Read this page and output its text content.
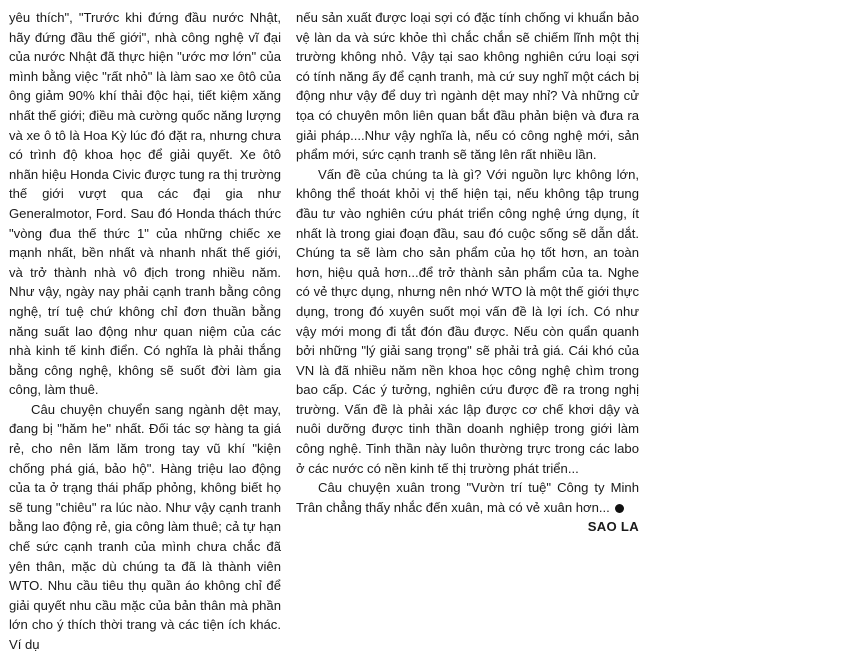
yêu thích", "Trước khi đứng đầu nước Nhật, hãy đứng đầu thế giới", nhà công nghệ vĩ đại của nước Nhật đã thực hiện "ước mơ lớn" của mình bằng việc "rất nhỏ" là làm sao xe ôtô của ông giảm 90% khí thải độc hại, tiết kiệm xăng nhất thế giới; điều mà cường quốc năng lượng và xe ô tô là Hoa Kỳ lúc đó đặt ra, nhưng chưa có trình độ khoa học để giải quyết. Xe ôtô nhãn hiệu Honda Civic được tung ra thị trường thế giới vượt qua các đại gia như Generalmotor, Ford. Sau đó Honda thách thức "vòng đua thế thức 1" của những chiếc xe mạnh nhất, bền nhất và nhanh nhất thế giới, và trở thành nhà vô địch trong nhiều năm. Như vậy, ngày nay phải cạnh tranh bằng công nghệ, trí tuệ chứ không chỉ đơn thuần bằng năng suất lao động như quan niệm của các nhà kinh tế kinh điển. Có nghĩa là phải thắng bằng công nghệ, không sẽ suốt đời làm gia công, làm thuê.

Câu chuyện chuyển sang ngành dệt may, đang bị "hăm he" nhất. Đối tác sợ hàng ta giá rẻ, cho nên lăm lăm trong tay vũ khí "kiện chống phá giá, bảo hộ". Hàng triệu lao động của ta ở trạng thái phấp phỏng, không biết họ sẽ tung "chiêu" ra lúc nào. Như vậy cạnh tranh bằng lao động rẻ, gia công làm thuê; cả tự hạn chế sức cạnh tranh của mình chưa chắc đã yên thân, mặc dù chúng ta đã là thành viên WTO. Nhu cầu tiêu thụ quần áo không chỉ để giải quyết nhu cầu mặc của bản thân mà phần lớn cho ý thích thời trang và các tiện ích khác. Ví dụ

nếu sản xuất được loại sợi có đặc tính chống vi khuẩn bảo vệ làn da và sức khỏe thì chắc chắn sẽ chiếm lĩnh một thị trường không nhỏ. Vậy tại sao không nghiên cứu loại sợi có tính năng ấy để cạnh tranh, mà cứ suy nghĩ một cách bị động như vậy để duy trì ngành dệt may nhỉ? Và những cử tọa có chuyên môn liên quan bắt đầu phản biện và đưa ra giải pháp....Như vậy nghĩa là, nếu có công nghệ mới, sản phẩm mới, sức cạnh tranh sẽ tăng lên rất nhiều lần.

Vấn đề của chúng ta là gì? Với nguồn lực không lớn, không thể thoát khỏi vị thế hiện tại, nếu không tập trung đầu tư vào nghiên cứu phát triển công nghệ ứng dụng, ít nhất là trong giai đoạn đầu, sau đó cuộc sống sẽ dẫn dắt. Chúng ta sẽ làm cho sản phẩm của họ tốt hơn, an toàn hơn, hiệu quả hơn...để trở thành sản phẩm của ta. Nghe có vẻ thực dụng, nhưng nên nhớ WTO là một thế giới thực dụng, trong đó xuyên suốt mọi vấn đề là lợi ích. Có như vậy mới mong đi tắt đón đầu được. Nếu còn quẩn quanh bởi những "lý giải sang trọng" sẽ phải trả giá. Cái khó của VN là đã nhiều năm nền khoa học công nghệ chìm trong bao cấp. Các ý tưởng, nghiên cứu được đề ra trong nghị trường. Vấn đề là phải xác lập được cơ chế khơi dậy và nuôi dưỡng được tinh thần doanh nghiệp trong giới làm công nghệ. Tinh thần này luôn thường trực trong các labo ở các nước có nền kinh tế thị trường phát triển...

Câu chuyện xuân trong "Vườn trí tuệ" Công ty Minh Trân chẳng thấy nhắc đến xuân, mà có vẻ xuân hơn...

SAO LA
